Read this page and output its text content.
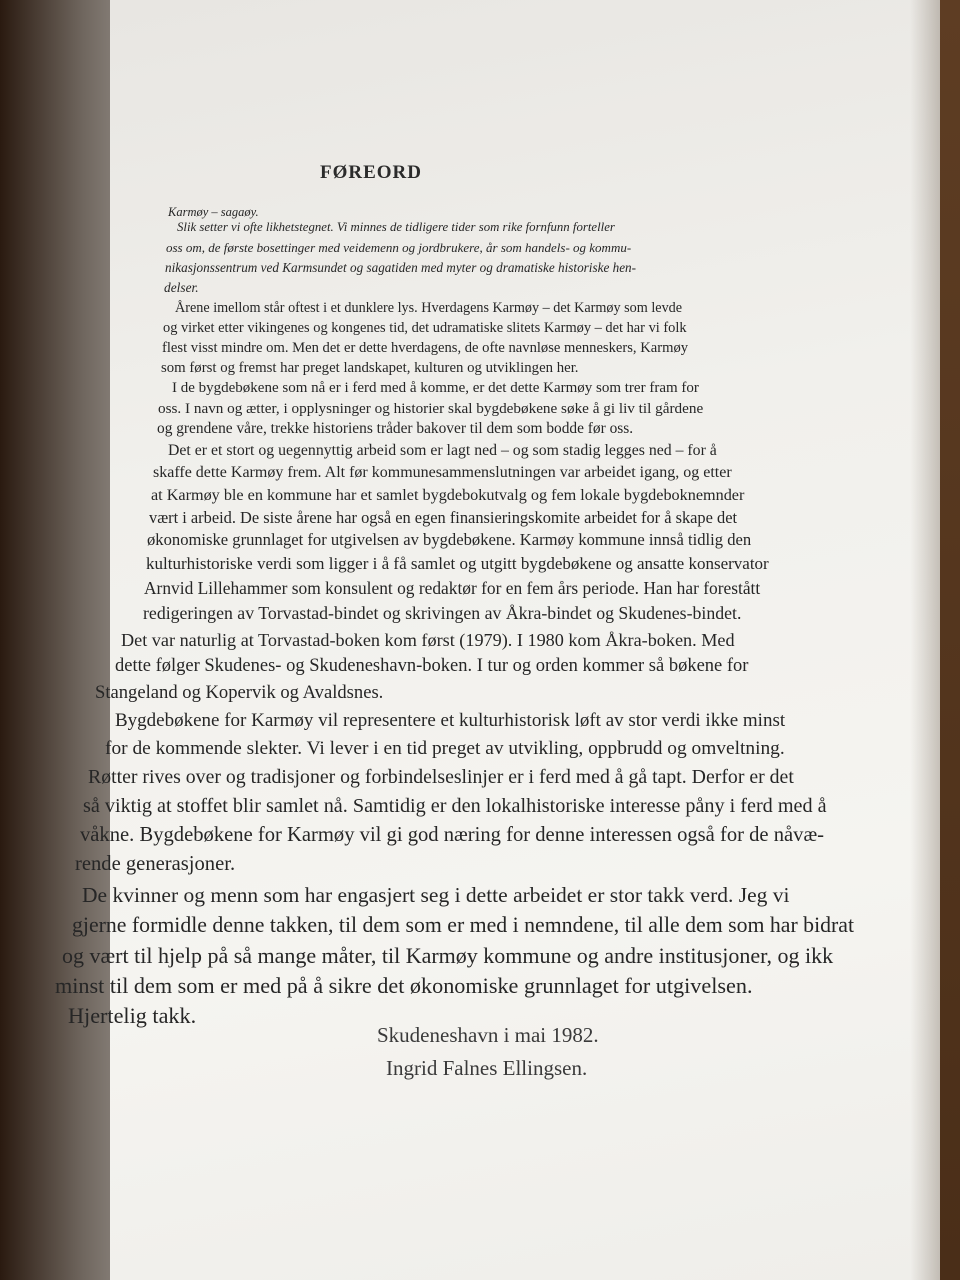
FØREORD
Karmøy – sagaøy.
Slik setter vi ofte likhetstegnet. Vi minnes de tidligere tider som rike fornfunn forteller
oss om, de første bosettinger med veidemenn og jordbrukere, år som handels- og kommu-
nikasjonssentrum ved Karmsundet og sagatiden med myter og dramatiske historiske hen-
delser.
Årene imellom står oftest i et dunklere lys. Hverdagens Karmøy – det Karmøy som levde
og virket etter vikingenes og kongenes tid, det udramatiske slitets Karmøy – det har vi folk
flest visst mindre om. Men det er dette hverdagens, de ofte navnløse menneskers, Karmøy
som først og fremst har preget landskapet, kulturen og utviklingen her.
I de bygdebøkene som nå er i ferd med å komme, er det dette Karmøy som trer fram for
oss. I navn og ætter, i opplysninger og historier skal bygdebøkene søke å gi liv til gårdene
og grendene våre, trekke historiens tråder bakover til dem som bodde før oss.
Det er et stort og uegennyttig arbeid som er lagt ned – og som stadig legges ned – for å
skaffe dette Karmøy frem. Alt før kommunesammenslutningen var arbeidet igang, og etter
at Karmøy ble en kommune har et samlet bygdebokutvalg og fem lokale bygdeboknemnder
vært i arbeid. De siste årene har også en egen finansieringskomite arbeidet for å skape det
økonomiske grunnlaget for utgivelsen av bygdebøkene. Karmøy kommune innså tidlig den
kulturhistoriske verdi som ligger i å få samlet og utgitt bygdebøkene og ansatte konservator
Arnvid Lillehammer som konsulent og redaktør for en fem års periode. Han har forestått
redigeringen av Torvastad-bindet og skrivingen av Åkra-bindet og Skudenes-bindet.
Det var naturlig at Torvastad-boken kom først (1979). I 1980 kom Åkra-boken. Med
dette følger Skudenes- og Skudeneshavn-boken. I tur og orden kommer så bøkene for
Stangeland og Kopervik og Avaldsnes.
Bygdebøkene for Karmøy vil representere et kulturhistorisk løft av stor verdi ikke minst
for de kommende slekter. Vi lever i en tid preget av utvikling, oppbrudd og omveltning.
Røtter rives over og tradisjoner og forbindelseslinjer er i ferd med å gå tapt. Derfor er det
så viktig at stoffet blir samlet nå. Samtidig er den lokalhistoriske interesse påny i ferd med å
våkne. Bygdebøkene for Karmøy vil gi god næring for denne interessen også for de nåvæ-
rende generasjoner.
De kvinner og menn som har engasjert seg i dette arbeidet er stor takk verd. Jeg vi
gjerne formidle denne takken, til dem som er med i nemndene, til alle dem som har bidrat
og vært til hjelp på så mange måter, til Karmøy kommune og andre institusjoner, og ikk
minst til dem som er med på å sikre det økonomiske grunnlaget for utgivelsen.
Hjertelig takk.
Skudeneshavn i mai 1982.
Ingrid Falnes Ellingsen.
